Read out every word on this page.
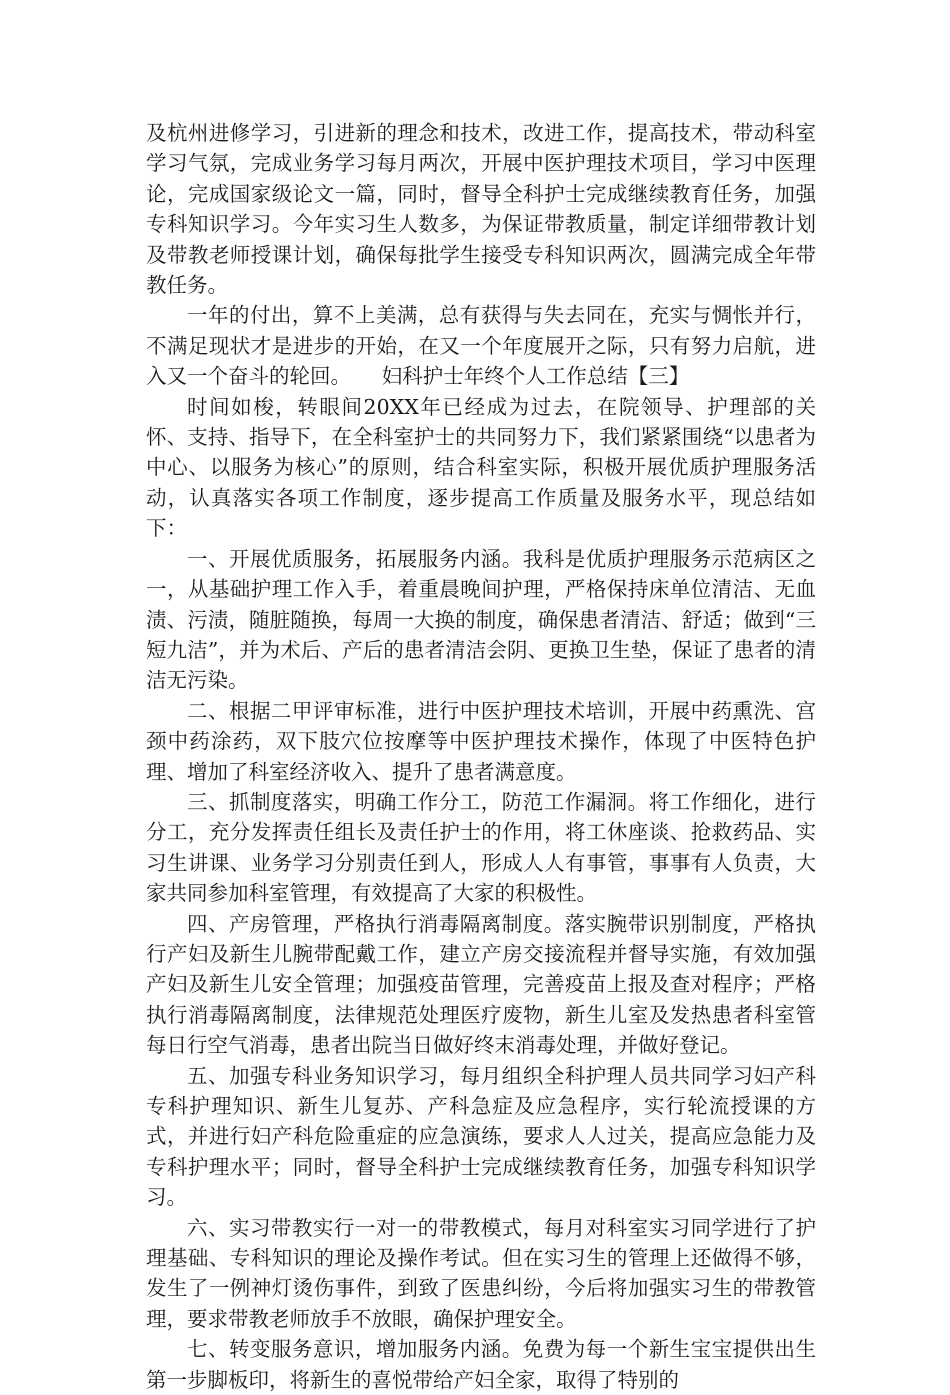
及杭州进修学习，引进新的理念和技术，改进工作，提高技术，带动科室学习气氛，完成业务学习每月两次，开展中医护理技术项目，学习中医理论，完成国家级论文一篇，同时，督导全科护士完成继续教育任务，加强专科知识学习。今年实习生人数多，为保证带教质量，制定详细带教计划及带教老师授课计划，确保每批学生接受专科知识两次，圆满完成全年带教任务。

一年的付出，算不上美满，总有获得与失去同在，充实与惆怅并行，不满足现状才是进步的开始，在又一个年度展开之际，只有努力启航，进入又一个奋斗的轮回。　　妇科护士年终个人工作总结【三】

时间如梭，转眼间20XX年已经成为过去，在院领导、护理部的关怀、支持、指导下，在全科室护士的共同努力下，我们紧紧围绕“以患者为中心、以服务为核心”的原则，结合科室实际，积极开展优质护理服务活动，认真落实各项工作制度，逐步提高工作质量及服务水平，现总结如下：

一、开展优质服务，拓展服务内涵。我科是优质护理服务示范病区之一，从基础护理工作入手，着重晨晚间护理，严格保持床单位清洁、无血渍、污渍，随脏随换，每周一大换的制度，确保患者清洁、舒适；做到“三短九洁”，并为术后、产后的患者清洁会阴、更换卫生垫，保证了患者的清洁无污染。

二、根据二甲评审标准，进行中医护理技术培训，开展中药熏洗、宫颈中药涂药，双下肢穴位按摩等中医护理技术操作，体现了中医特色护理、增加了科室经济收入、提升了患者满意度。

三、抓制度落实，明确工作分工，防范工作漏洞。将工作细化，进行分工，充分发挥责任组长及责任护士的作用，将工休座谈、抢救药品、实习生讲课、业务学习分别责任到人，形成人人有事管，事事有人负责，大家共同参加科室管理，有效提高了大家的积极性。

四、产房管理，严格执行消毒隔离制度。落实腕带识别制度，严格执行产妇及新生儿腕带配戴工作，建立产房交接流程并督导实施，有效加强产妇及新生儿安全管理；加强疫苗管理，完善疫苗上报及查对程序；严格执行消毒隔离制度，法律规范处理医疗废物，新生儿室及发热患者科室管每日行空气消毒，患者出院当日做好终末消毒处理，并做好登记。

五、加强专科业务知识学习，每月组织全科护理人员共同学习妇产科专科护理知识、新生儿复苏、产科急症及应急程序，实行轮流授课的方式，并进行妇产科危险重症的应急演练，要求人人过关，提高应急能力及专科护理水平；同时，督导全科护士完成继续教育任务，加强专科知识学习。

六、实习带教实行一对一的带教模式，每月对科室实习同学进行了护理基础、专科知识的理论及操作考试。但在实习生的管理上还做得不够，发生了一例神灯烫伤事件，到致了医患纠纷，今后将加强实习生的带教管理，要求带教老师放手不放眼，确保护理安全。

七、转变服务意识，增加服务内涵。免费为每一个新生宝宝提供出生第一步脚板印，将新生的喜悦带给产妇全家，取得了特别的
